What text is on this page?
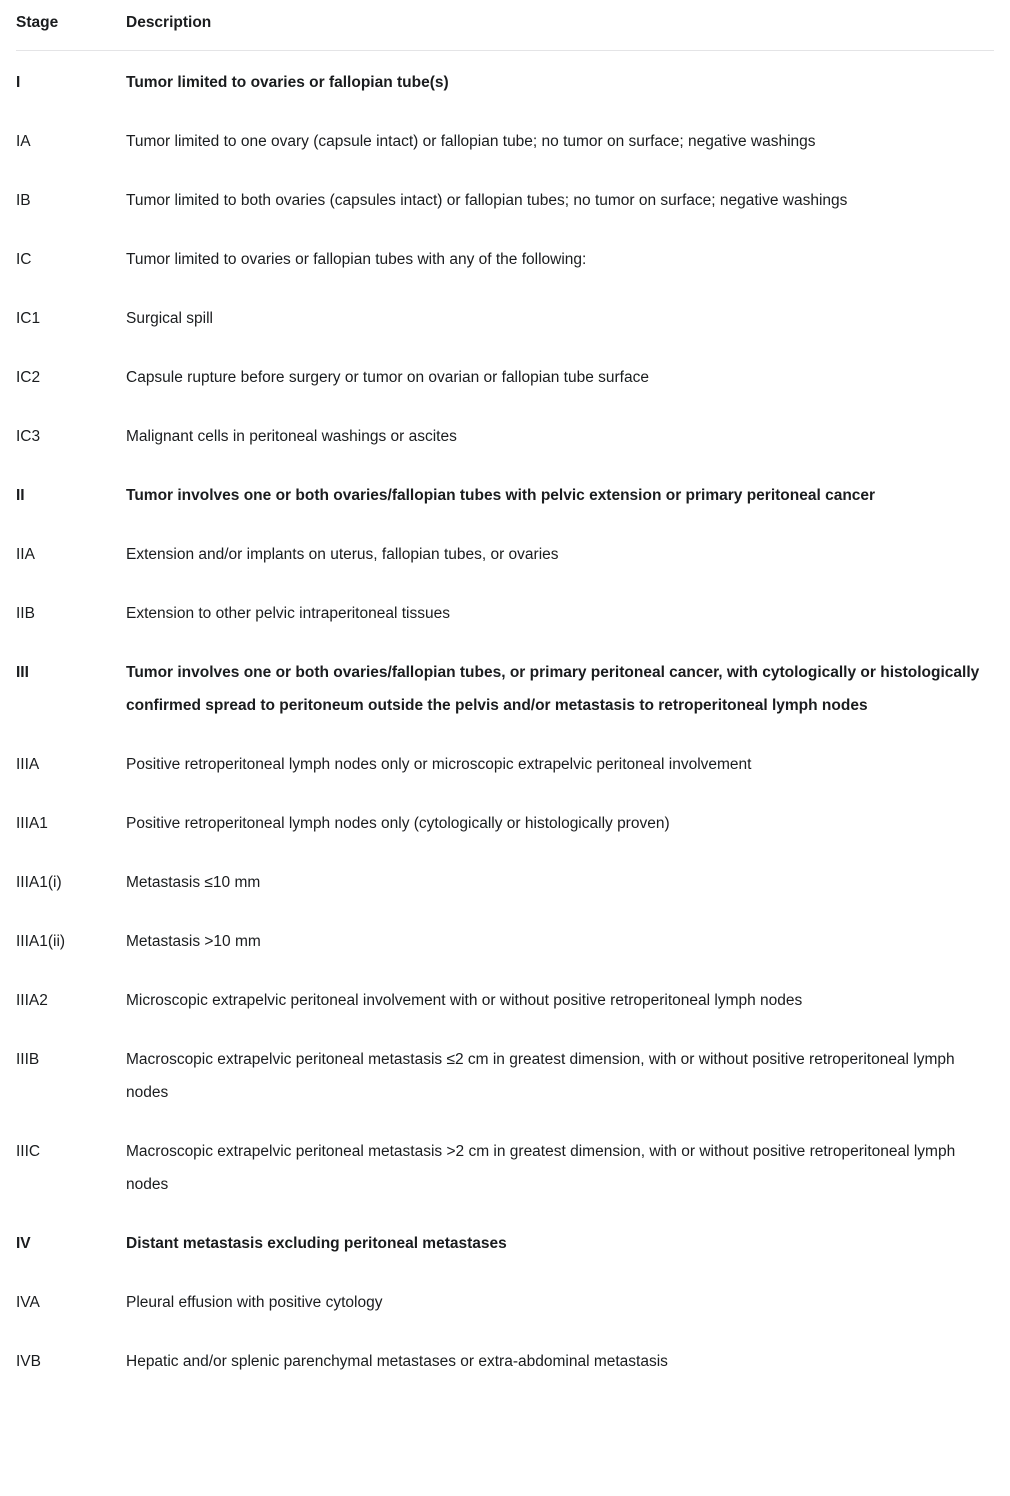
Stage	Description
I	Tumor limited to ovaries or fallopian tube(s)
IA	Tumor limited to one ovary (capsule intact) or fallopian tube; no tumor on surface; negative washings
IB	Tumor limited to both ovaries (capsules intact) or fallopian tubes; no tumor on surface; negative washings
IC	Tumor limited to ovaries or fallopian tubes with any of the following:
IC1	Surgical spill
IC2	Capsule rupture before surgery or tumor on ovarian or fallopian tube surface
IC3	Malignant cells in peritoneal washings or ascites
II	Tumor involves one or both ovaries/fallopian tubes with pelvic extension or primary peritoneal cancer
IIA	Extension and/or implants on uterus, fallopian tubes, or ovaries
IIB	Extension to other pelvic intraperitoneal tissues
III	Tumor involves one or both ovaries/fallopian tubes, or primary peritoneal cancer, with cytologically or histologically confirmed spread to peritoneum outside the pelvis and/or metastasis to retroperitoneal lymph nodes
IIIA	Positive retroperitoneal lymph nodes only or microscopic extrapelvic peritoneal involvement
IIIA1	Positive retroperitoneal lymph nodes only (cytologically or histologically proven)
IIIA1(i)	Metastasis ≤10 mm
IIIA1(ii)	Metastasis >10 mm
IIIA2	Microscopic extrapelvic peritoneal involvement with or without positive retroperitoneal lymph nodes
IIIB	Macroscopic extrapelvic peritoneal metastasis ≤2 cm in greatest dimension, with or without positive retroperitoneal lymph nodes
IIIC	Macroscopic extrapelvic peritoneal metastasis >2 cm in greatest dimension, with or without positive retroperitoneal lymph nodes
IV	Distant metastasis excluding peritoneal metastases
IVA	Pleural effusion with positive cytology
IVB	Hepatic and/or splenic parenchymal metastases or extra-abdominal metastasis
